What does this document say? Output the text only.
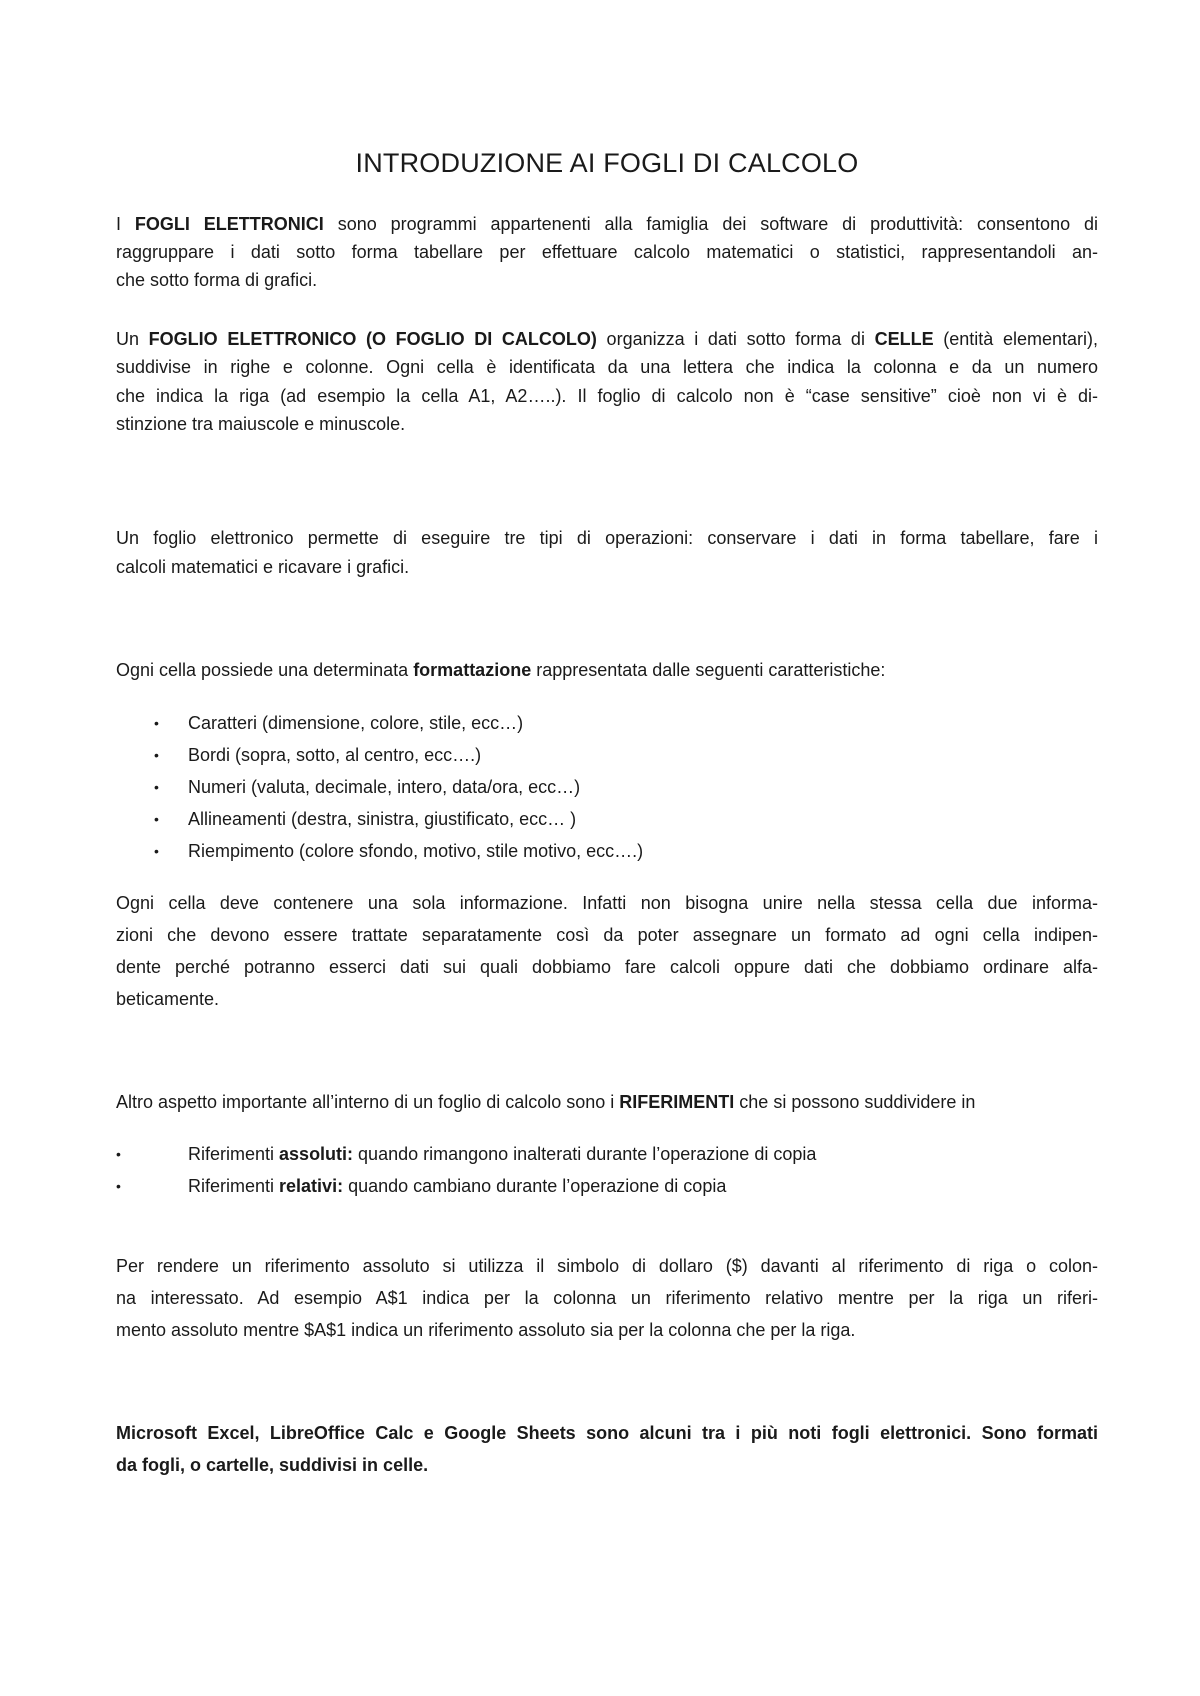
INTRODUZIONE AI FOGLI DI CALCOLO
I FOGLI ELETTRONICI sono programmi appartenenti alla famiglia dei software di produttività: consentono di
raggruppare i dati sotto forma tabellare per effettuare calcolo matematici o statistici, rappresentandoli an-
che sotto forma di grafici.
Un FOGLIO ELETTRONICO (O FOGLIO DI CALCOLO) organizza i dati sotto forma di CELLE (entità elementari),
suddivise in righe e colonne. Ogni cella è identificata da una lettera che indica la colonna e da un numero
che indica la riga (ad esempio la cella A1, A2…..). Il foglio di calcolo non è “case sensitive” cioè non vi è di-
stinzione tra maiuscole e minuscole.
Un foglio elettronico permette di eseguire tre tipi di operazioni: conservare i dati in forma tabellare, fare i
calcoli matematici e ricavare i grafici.
Ogni cella possiede una determinata formattazione rappresentata dalle seguenti caratteristiche:
• Caratteri (dimensione, colore, stile, ecc…)
• Bordi (sopra, sotto, al centro, ecc….)
• Numeri (valuta, decimale, intero, data/ora, ecc…)
• Allineamenti (destra, sinistra, giustificato, ecc… )
• Riempimento (colore sfondo, motivo, stile motivo, ecc….)
Ogni cella deve contenere una sola informazione. Infatti non bisogna unire nella stessa cella due informa-
zioni che devono essere trattate separatamente così da poter assegnare un formato ad ogni cella indipen-
dente perché potranno esserci dati sui quali dobbiamo fare calcoli oppure dati che dobbiamo ordinare alfa-
beticamente.
Altro aspetto importante all’interno di un foglio di calcolo sono i RIFERIMENTI che si possono suddividere in
•	Riferimenti assoluti: quando rimangono inalterati durante l’operazione di copia
•	Riferimenti relativi: quando cambiano durante l’operazione di copia
Per rendere un riferimento assoluto si utilizza il simbolo di dollaro ($) davanti al riferimento di riga o colon-
na interessato. Ad esempio A$1 indica per la colonna un riferimento relativo mentre per la riga un riferi-
mento assoluto mentre $A$1 indica un riferimento assoluto sia per la colonna che per la riga.
Microsoft Excel, LibreOffice Calc e Google Sheets sono alcuni tra i più noti fogli elettronici. Sono formati
da fogli, o cartelle, suddivisi in celle.
